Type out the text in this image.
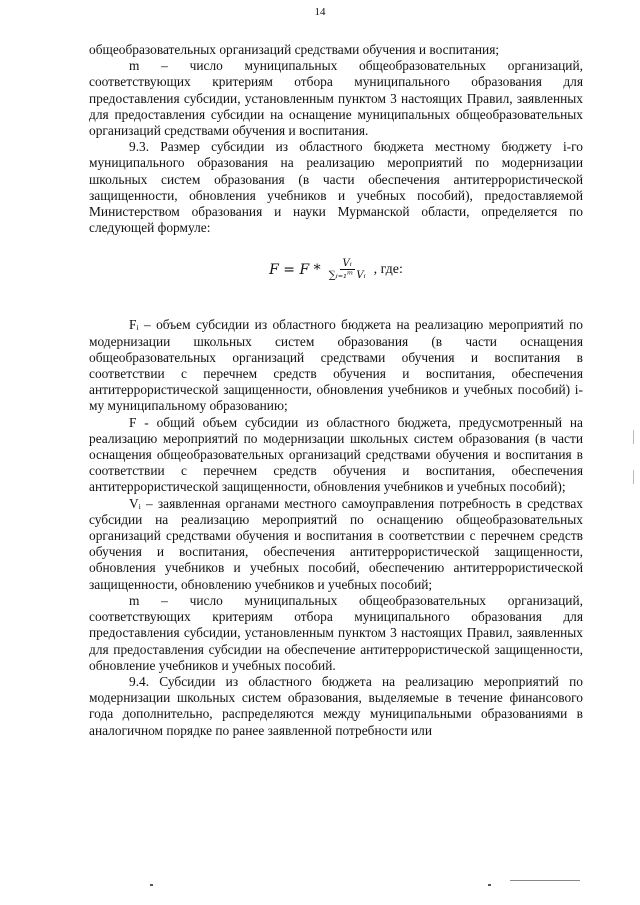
14

общеобразовательных организаций средствами обучения и воспитания;

m – число муниципальных общеобразовательных организаций, соответствующих критериям отбора муниципального образования для предоставления субсидии, установленным пунктом 3 настоящих Правил, заявленных для предоставления субсидии на оснащение муниципальных общеобразовательных организаций средствами обучения и воспитания.

9.3. Размер субсидии из областного бюджета местному бюджету i-го муниципального образования на реализацию мероприятий по модернизации школьных систем образования (в части обеспечения антитеррористической защищенности, обновления учебников и учебных пособий), предоставляемой Министерством образования и науки Мурманской области, определяется по следующей формуле:

$F = F * \frac{\text{Vᵢ}}{\text{∑ᵢ₌₁ᵐ Vᵢ}}$ , где:

Fᵢ – объем субсидии из областного бюджета на реализацию мероприятий по модернизации школьных систем образования (в части оснащения общеобразовательных организаций средствами обучения и воспитания в соответствии с перечнем средств обучения и воспитания, обеспечения антитеррористической защищенности, обновления учебников и учебных пособий) i-му муниципальному образованию;

F - общий объем субсидии из областного бюджета, предусмотренный на реализацию мероприятий по модернизации школьных систем образования (в части оснащения общеобразовательных организаций средствами обучения и воспитания в соответствии с перечнем средств обучения и воспитания, обеспечения антитеррористической защищенности, обновления учебников и учебных пособий);

Vᵢ – заявленная органами местного самоуправления потребность в средствах субсидии на реализацию мероприятий по оснащению общеобразовательных организаций средствами обучения и воспитания в соответствии с перечнем средств обучения и воспитания, обеспечения антитеррористической защищенности, обновления учебников и учебных пособий, обеспечению антитеррористической защищенности, обновлению учебников и учебных пособий;

m – число муниципальных общеобразовательных организаций, соответствующих критериям отбора муниципального образования для предоставления субсидии, установленным пунктом 3 настоящих Правил, заявленных для предоставления субсидии на обеспечение антитеррористической защищенности, обновление учебников и учебных пособий.

9.4. Субсидии из областного бюджета на реализацию мероприятий по модернизации школьных систем образования, выделяемые в течение финансового года дополнительно, распределяются между муниципальными образованиями в аналогичном порядке по ранее заявленной потребности или
